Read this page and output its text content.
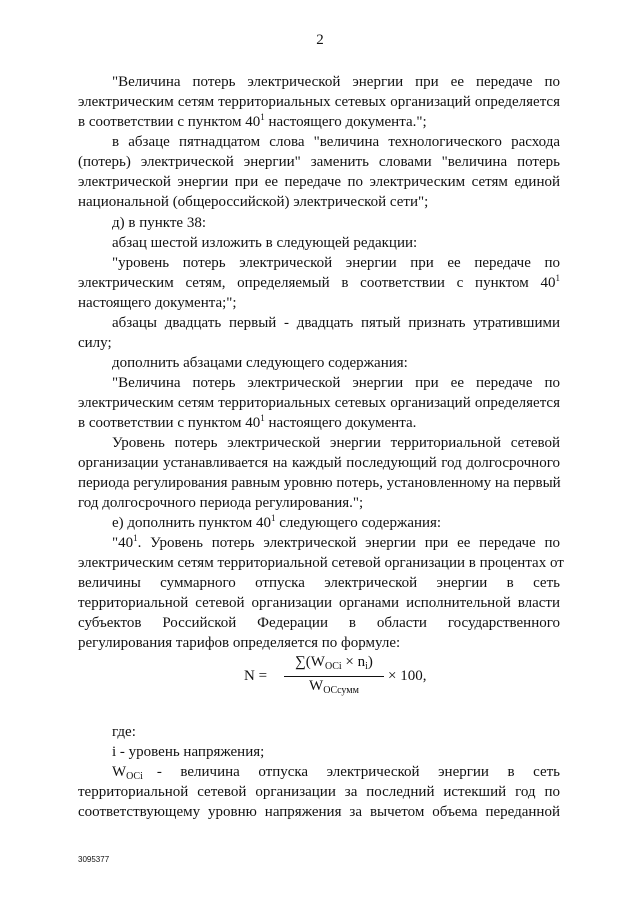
2
"Величина потерь электрической энергии при ее передаче по
электрическим сетям территориальных сетевых организаций определяется
в соответствии с пунктом $40^1$ настоящего документа.";
в абзаце пятнадцатом слова "величина технологического расхода
(потерь) электрической энергии" заменить словами "величина потерь
электрической энергии при ее передаче по электрическим сетям единой
национальной (общероссийской) электрической сети";
д) в пункте 38:
абзац шестой изложить в следующей редакции:
"уровень потерь электрической энергии при ее передаче по
электрическим сетям, определяемый в соответствии с пунктом $40^1$
настоящего документа;";
абзацы двадцать первый - двадцать пятый признать утратившими
силу;
дополнить абзацами следующего содержания:
"Величина потерь электрической энергии при ее передаче по
электрическим сетям территориальных сетевых организаций определяется
в соответствии с пунктом $40^1$ настоящего документа.
Уровень потерь электрической энергии территориальной сетевой
организации устанавливается на каждый последующий год долгосрочного
периода регулирования равным уровню потерь, установленному на первый
год долгосрочного периода регулирования.";
е) дополнить пунктом $40^1$ следующего содержания:
"$40^1$. Уровень потерь электрической энергии при ее передаче по
электрическим сетям территориальной сетевой организации в процентах от
величины суммарного отпуска электрической энергии в сеть
территориальной сетевой организации органами исполнительной власти
субъектов Российской Федерации в области государственного
регулирования тарифов определяется по формуле:
N =
$\sum(W_{OCi} \times n_i)$
$W_{OCсумм}$
× 100,
где:
i - уровень напряжения;
$W_{OCi}$ - величина отпуска электрической энергии в сеть
территориальной сетевой организации за последний истекший год по
соответствующему уровню напряжения за вычетом объема переданной
3095377
